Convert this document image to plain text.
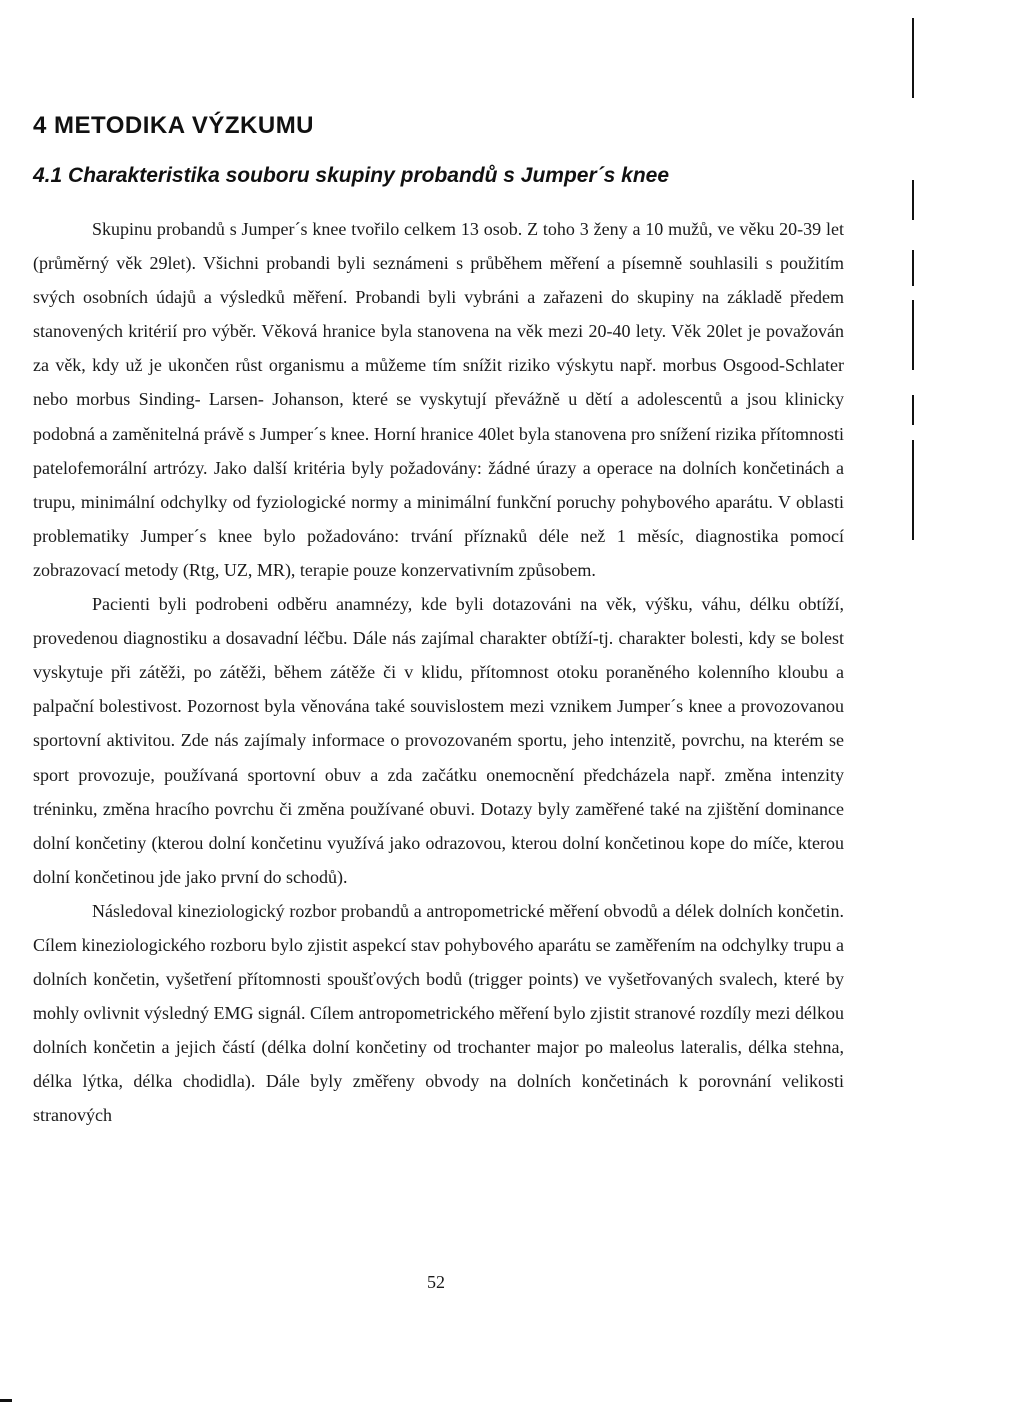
4 METODIKA VÝZKUMU
4.1 Charakteristika souboru skupiny probandů s Jumper´s knee

Skupinu probandů s Jumper´s knee tvořilo celkem 13 osob. Z toho 3 ženy a 10 mužů, ve věku 20-39 let (průměrný věk 29let). Všichni probandi byli seznámeni s průběhem měření a písemně souhlasili s použitím svých osobních údajů a výsledků měření. Probandi byli vybráni a zařazeni do skupiny na základě předem stanovených kritérií pro výběr. Věková hranice byla stanovena na věk mezi 20-40 lety. Věk 20let je považován za věk, kdy už je ukončen růst organismu a můžeme tím snížit riziko výskytu např. morbus Osgood-Schlater nebo morbus Sinding- Larsen- Johanson, které se vyskytují převážně u dětí a adolescentů a jsou klinicky podobná a zaměnitelná právě s Jumper´s knee. Horní hranice 40let byla stanovena pro snížení rizika přítomnosti patelofemorální artrózy. Jako další kritéria byly požadovány: žádné úrazy a operace na dolních končetinách a trupu, minimální odchylky od fyziologické normy a minimální funkční poruchy pohybového aparátu. V oblasti problematiky Jumper´s knee bylo požadováno: trvání příznaků déle než 1 měsíc, diagnostika pomocí zobrazovací metody (Rtg, UZ, MR), terapie pouze konzervativním způsobem.

Pacienti byli podrobeni odběru anamnézy, kde byli dotazováni na věk, výšku, váhu, délku obtíží, provedenou diagnostiku a dosavadní léčbu. Dále nás zajímal charakter obtíží-tj. charakter bolesti, kdy se bolest vyskytuje při zátěži, po zátěži, během zátěže či v klidu, přítomnost otoku poraněného kolenního kloubu a palpační bolestivost. Pozornost byla věnována také souvislostem mezi vznikem Jumper´s knee a provozovanou sportovní aktivitou. Zde nás zajímaly informace o provozovaném sportu, jeho intenzitě, povrchu, na kterém se sport provozuje, používaná sportovní obuv a zda začátku onemocnění předcházela např. změna intenzity tréninku, změna hracího povrchu či změna používané obuvi. Dotazy byly zaměřené také na zjištění dominance dolní končetiny (kterou dolní končetinu využívá jako odrazovou, kterou dolní končetinou kope do míče, kterou dolní končetinou jde jako první do schodů).

Následoval kineziologický rozbor probandů a antropometrické měření obvodů a délek dolních končetin. Cílem kineziologického rozboru bylo zjistit aspekcí stav pohybového aparátu se zaměřením na odchylky trupu a dolních končetin, vyšetření přítomnosti spoušťových bodů (trigger points) ve vyšetřovaných svalech, které by mohly ovlivnit výsledný EMG signál. Cílem antropometrického měření bylo zjistit stranové rozdíly mezi délkou dolních končetin a jejich částí (délka dolní končetiny od trochanter major po maleolus lateralis, délka stehna, délka lýtka, délka chodidla). Dále byly změřeny obvody na dolních končetinách k porovnání velikosti stranových

52
